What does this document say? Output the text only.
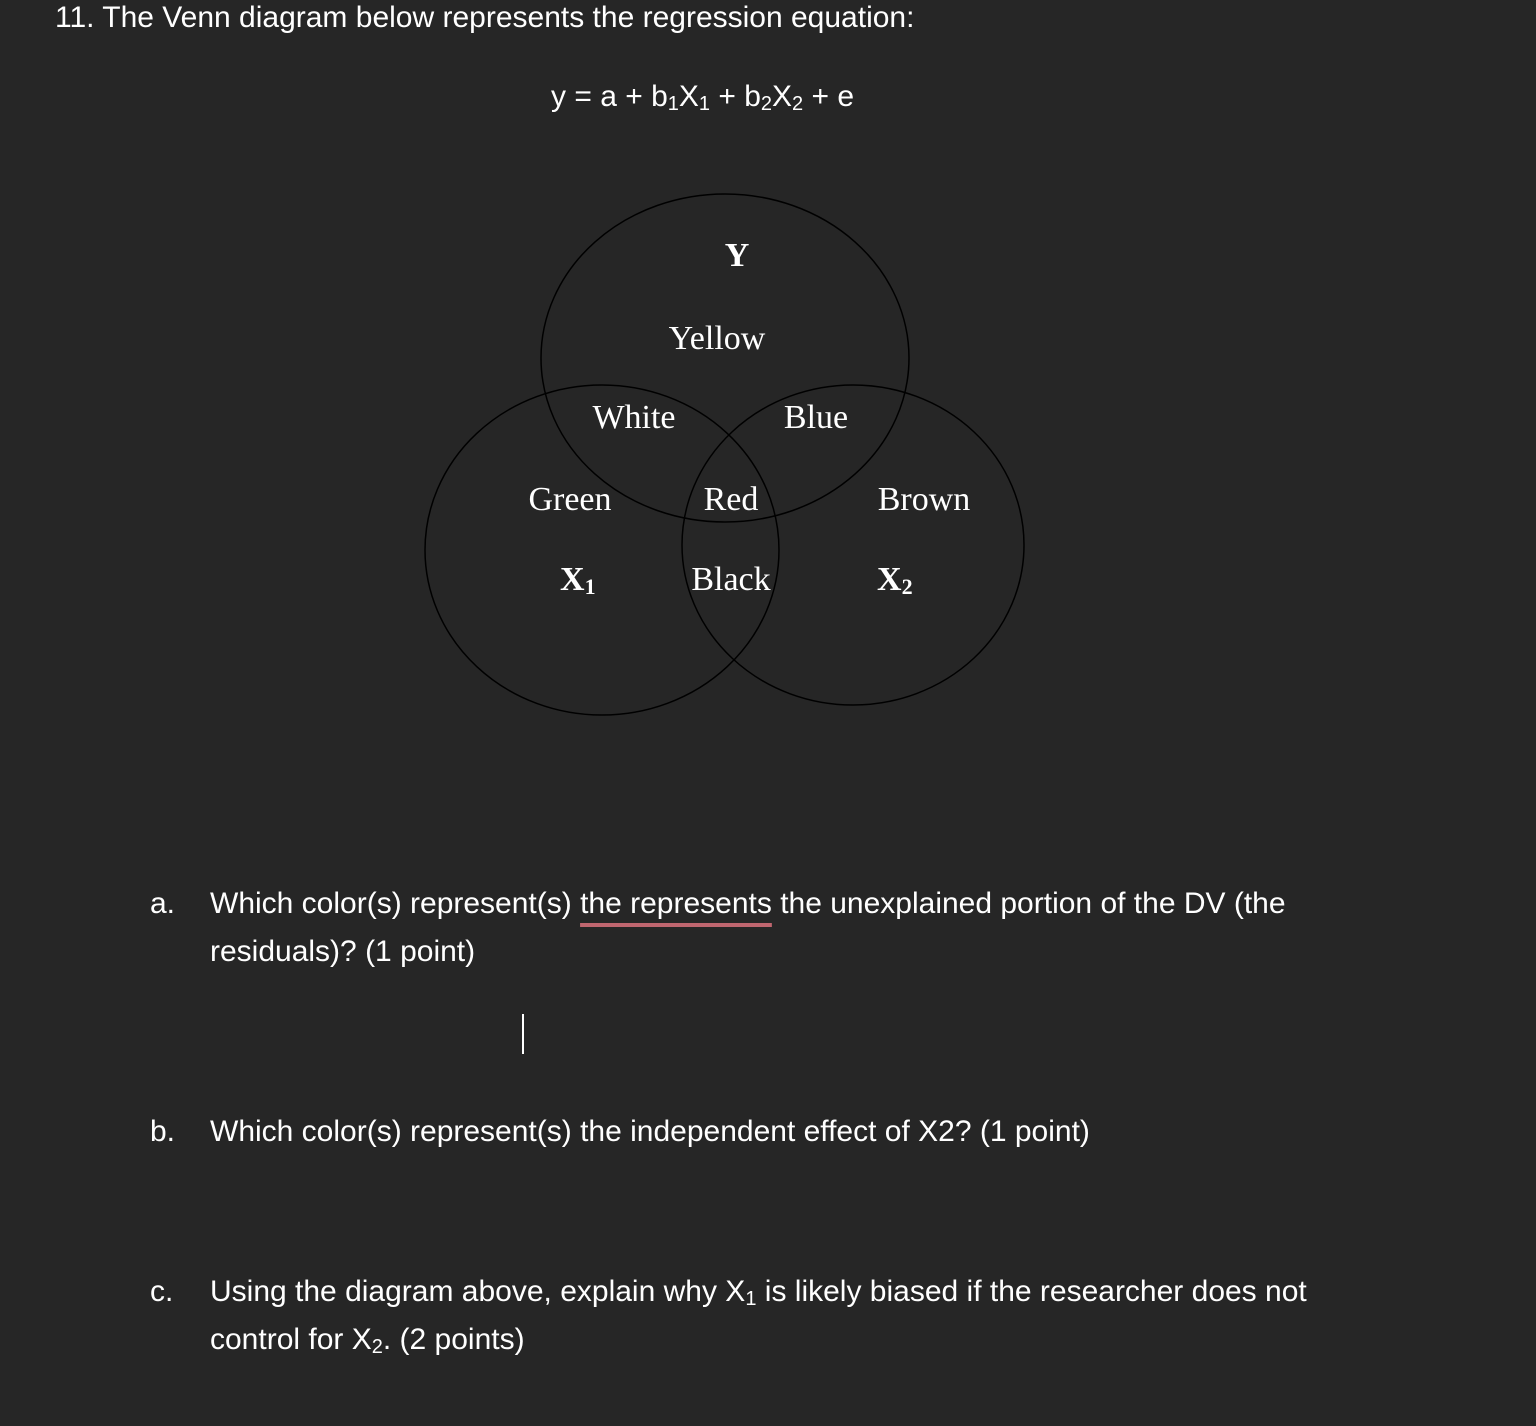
11. The Venn diagram below represents the regression equation:
$y = a + b_1X_1 + b_2X_2 + e$
Y
Yellow
White	Blue
Green	Red	Brown
Black
X1	X2
a.	Which color(s) represent(s) the represents the unexplained portion of the DV (the residuals)? (1 point)
b.	Which color(s) represent(s) the independent effect of X2? (1 point)
c.	Using the diagram above, explain why $X_1$ is likely biased if the researcher does not control for $X_2$. (2 points)
